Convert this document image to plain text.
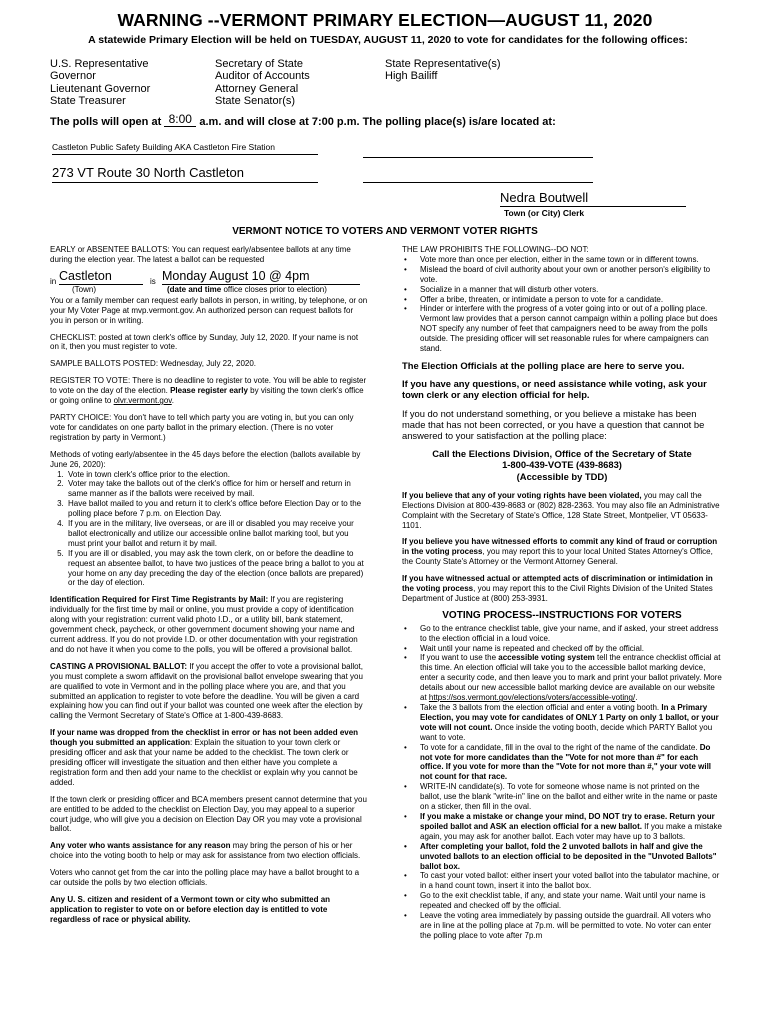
WARNING --VERMONT PRIMARY ELECTION—AUGUST 11, 2020
A statewide Primary Election will be held on TUESDAY, AUGUST 11, 2020 to vote for candidates for the following offices:
U.S. Representative
Governor
Lieutenant Governor
State Treasurer
Secretary of State
Auditor of Accounts
Attorney General
State Senator(s)
State Representative(s)
High Bailiff
The polls will open at 8:00 a.m. and will close at 7:00 p.m. The polling place(s) is/are located at:
Castleton Public Safety Building AKA Castleton Fire Station
273 VT Route 30 North Castleton
Nedra Boutwell
Town (or City) Clerk
VERMONT NOTICE TO VOTERS AND VERMONT VOTER RIGHTS

EARLY or ABSENTEE BALLOTS: You can request early/absentee ballots at any time during the election year. The latest a ballot can be requested

in Castleton	is Monday August 10 @ 4pm
(Town)	(date and time office closes prior to election)

You or a family member can request early ballots in person, in writing, by telephone, or on your My Voter Page at mvp.vermont.gov. An authorized person can request ballots for you in person or in writing.

CHECKLIST: posted at town clerk's office by Sunday, July 12, 2020. If your name is not on it, then you must register to vote.

SAMPLE BALLOTS POSTED: Wednesday, July 22, 2020.

REGISTER TO VOTE: There is no deadline to register to vote. You will be able to register to vote on the day of the election. Please register early by visiting the town clerk's office or going online to olvr.vermont.gov.

PARTY CHOICE: You don't have to tell which party you are voting in, but you can only vote for candidates on one party ballot in the primary election. (There is no voter registration by party in Vermont.)

Methods of voting early/absentee in the 45 days before the election (ballots available by June 26, 2020):

1. Vote in town clerk's office prior to the election.
2. Voter may take the ballots out of the clerk's office for him or herself and return in same manner as if the ballots were received by mail.
3. Have ballot mailed to you and return it to clerk's office before Election Day or to the polling place before 7 p.m. on Election Day.
4. If you are in the military, live overseas, or are ill or disabled you may receive your ballot electronically and utilize our accessible online ballot marking tool, but you must print your ballot and return it by mail.
5. If you are ill or disabled, you may ask the town clerk, on or before the deadline to request an absentee ballot, to have two justices of the peace bring a ballot to you at your home on any day preceding the day of the election (once ballots are prepared) or the day of election.

Identification Required for First Time Registrants by Mail: If you are registering individually for the first time by mail or online, you must provide a copy of identification along with your registration: current valid photo I.D., or a utility bill, bank statement, government check, paycheck, or other government document showing your name and current address. If you do not provide I.D. or other documentation with your registration and do not have it when you come to the polls, you will be offered a provisional ballot.

CASTING A PROVISIONAL BALLOT: If you accept the offer to vote a provisional ballot, you must complete a sworn affidavit on the provisional ballot envelope swearing that you are qualified to vote in Vermont and in the polling place where you are, and that you submitted an application to register to vote before the deadline. You will be given a card explaining how you can find out if your ballot was counted one week after the election by calling the Vermont Secretary of State's Office at 1-800-439-8683.

If your name was dropped from the checklist in error or has not been added even though you submitted an application: Explain the situation to your town clerk or presiding officer and ask that your name be added to the checklist. The town clerk or presiding officer will investigate the situation and then either have you complete a registration form and then add your name to the checklist or explain why you cannot be added.

If the town clerk or presiding officer and BCA members present cannot determine that you are entitled to be added to the checklist on Election Day, you may appeal to a superior court judge, who will give you a decision on Election Day OR you may vote a provisional ballot.

Any voter who wants assistance for any reason may bring the person of his or her choice into the voting booth to help or may ask for assistance from two election officials.

Voters who cannot get from the car into the polling place may have a ballot brought to a car outside the polls by two election officials.

Any U. S. citizen and resident of a Vermont town or city who submitted an application to register to vote on or before election day is entitled to vote regardless of race or physical ability.

THE LAW PROHIBITS THE FOLLOWING--DO NOT:

• Vote more than once per election, either in the same town or in different towns.
• Mislead the board of civil authority about your own or another person's eligibility to vote.
• Socialize in a manner that will disturb other voters.
• Offer a bribe, threaten, or intimidate a person to vote for a candidate.
• Hinder or interfere with the progress of a voter going into or out of a polling place. Vermont law provides that a person cannot campaign within a polling place but does NOT specify any number of feet that campaigners need to be away from the polls outside. The presiding officer will set reasonable rules for where campaigners can stand.

The Election Officials at the polling place are here to serve you.

If you have any questions, or need assistance while voting, ask your town clerk or any election official for help.

If you do not understand something, or you believe a mistake has been made that has not been corrected, or you have a question that cannot be answered to your satisfaction at the polling place:

Call the Elections Division, Office of the Secretary of State
1-800-439-VOTE (439-8683)
(Accessible by TDD)

If you believe that any of your voting rights have been violated, you may call the Elections Division at 800-439-8683 or (802) 828-2363. You may also file an Administrative Complaint with the Secretary of State's Office, 128 State Street, Montpelier, VT 05633-1101.

If you believe you have witnessed efforts to commit any kind of fraud or corruption in the voting process, you may report this to your local United States Attorney's Office, the County State's Attorney or the Vermont Attorney General.

If you have witnessed actual or attempted acts of discrimination or intimidation in the voting process, you may report this to the Civil Rights Division of the United States Department of Justice at (800) 253-3931.

VOTING PROCESS--INSTRUCTIONS FOR VOTERS
• Go to the entrance checklist table, give your name, and if asked, your street address to the election official in a loud voice.
• Wait until your name is repeated and checked off by the official.
• If you want to use the accessible voting system tell the entrance checklist official at this time. An election official will take you to the accessible ballot marking device, enter a security code, and then leave you to mark and print your ballot privately. More details about our new accessible ballot marking device are available on our website at https://sos.vermont.gov/elections/voters/accessible-voting/.
• Take the 3 ballots from the election official and enter a voting booth. In a Primary Election, you may vote for candidates of ONLY 1 Party on only 1 ballot, or your vote will not count. Once inside the voting booth, decide which PARTY Ballot you want to vote.
• To vote for a candidate, fill in the oval to the right of the name of the candidate. Do not vote for more candidates than the "Vote for not more than #" for each office. If you vote for more than the "Vote for not more than #," your vote will not count for that race.
• WRITE-IN candidate(s). To vote for someone whose name is not printed on the ballot, use the blank "write-in" line on the ballot and either write in the name or paste on a sticker, then fill in the oval.
• If you make a mistake or change your mind, DO NOT try to erase. Return your spoiled ballot and ASK an election official for a new ballot. If you make a mistake again, you may ask for another ballot. Each voter may have up to 3 ballots.
• After completing your ballot, fold the 2 unvoted ballots in half and give the unvoted ballots to an election official to be deposited in the "Unvoted Ballots" ballot box.
• To cast your voted ballot: either insert your voted ballot into the tabulator machine, or in a hand count town, insert it into the ballot box.
• Go to the exit checklist table, if any, and state your name. Wait until your name is repeated and checked off by the official.
• Leave the voting area immediately by passing outside the guardrail. All voters who are in line at the polling place at 7p.m. will be permitted to vote. No voter can enter the polling place to vote after 7p.m
